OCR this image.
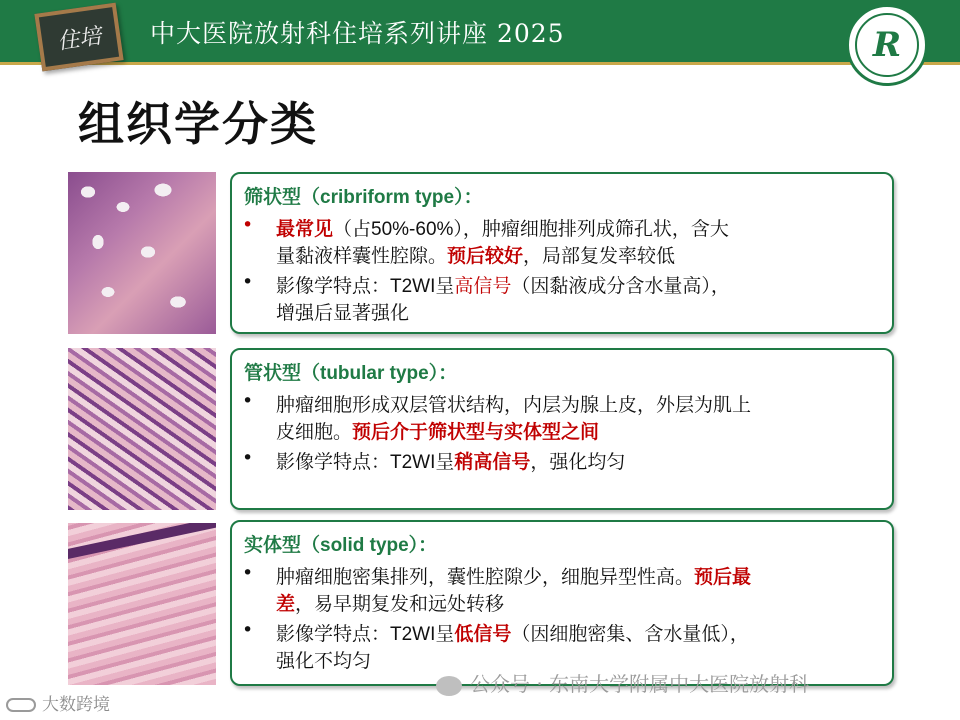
住培	中大医院放射科住培系列讲座 2025	R
组织学分类
筛状型（cribriform type）：
•	最常见（占50%-60%），肿瘤细胞排列成筛孔状，含大
量黏液样囊性腔隙。预后较好，局部复发率较低
•	影像学特点：T2WI呈高信号（因黏液成分含水量高），
增强后显著强化
管状型（tubular type）：
•	肿瘤细胞形成双层管状结构，内层为腺上皮，外层为肌上
皮细胞。预后介于筛状型与实体型之间
•	影像学特点：T2WI呈稍高信号，强化均匀
实体型（solid type）：
•	肿瘤细胞密集排列，囊性腔隙少，细胞异型性高。预后最
差，易早期复发和远处转移
•	影像学特点：T2WI呈低信号（因细胞密集、含水量低），
强化不均匀
公众号 · 东南大学附属中大医院放射科
大数跨境
